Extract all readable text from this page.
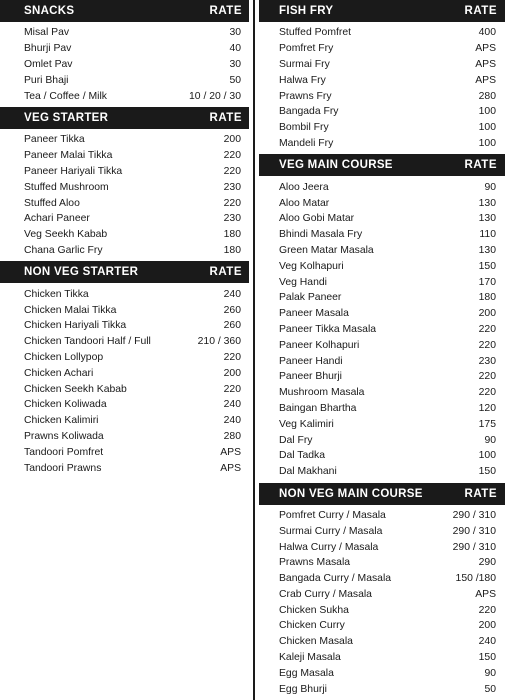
SNACKS	RATE
Misal Pav	30
Bhurji Pav	40
Omlet Pav	30
Puri Bhaji	50
Tea / Coffee / Milk	10 / 20 / 30
VEG STARTER	RATE
Paneer Tikka	200
Paneer Malai Tikka	220
Paneer Hariyali Tikka	220
Stuffed Mushroom	230
Stuffed Aloo	220
Achari Paneer	230
Veg Seekh Kabab	180
Chana Garlic Fry	180
NON VEG STARTER	RATE
Chicken Tikka	240
Chicken Malai Tikka	260
Chicken Hariyali Tikka	260
Chicken Tandoori Half / Full	210 / 360
Chicken Lollypop	220
Chicken Achari	200
Chicken Seekh Kabab	220
Chicken Koliwada	240
Chicken Kalimiri	240
Prawns Koliwada	280
Tandoori Pomfret	APS
Tandoori Prawns	APS
FISH FRY	RATE
Stuffed Pomfret	400
Pomfret Fry	APS
Surmai Fry	APS
Halwa Fry	APS
Prawns Fry	280
Bangada Fry	100
Bombil Fry	100
Mandeli Fry	100
VEG MAIN COURSE	RATE
Aloo Jeera	90
Aloo Matar	130
Aloo Gobi Matar	130
Bhindi Masala Fry	110
Green Matar Masala	130
Veg Kolhapuri	150
Veg Handi	170
Palak Paneer	180
Paneer Masala	200
Paneer Tikka Masala	220
Paneer Kolhapuri	220
Paneer Handi	230
Paneer Bhurji	220
Mushroom Masala	220
Baingan Bhartha	120
Veg Kalimiri	175
Dal Fry	90
Dal Tadka	100
Dal Makhani	150
NON VEG MAIN COURSE	RATE
Pomfret Curry / Masala	290 / 310
Surmai Curry / Masala	290 / 310
Halwa Curry / Masala	290 / 310
Prawns Masala	290
Bangada Curry / Masala	150 /180
Crab Curry / Masala	APS
Chicken Sukha	220
Chicken Curry	200
Chicken Masala	240
Kaleji Masala	150
Egg Masala	90
Egg Bhurji	50
